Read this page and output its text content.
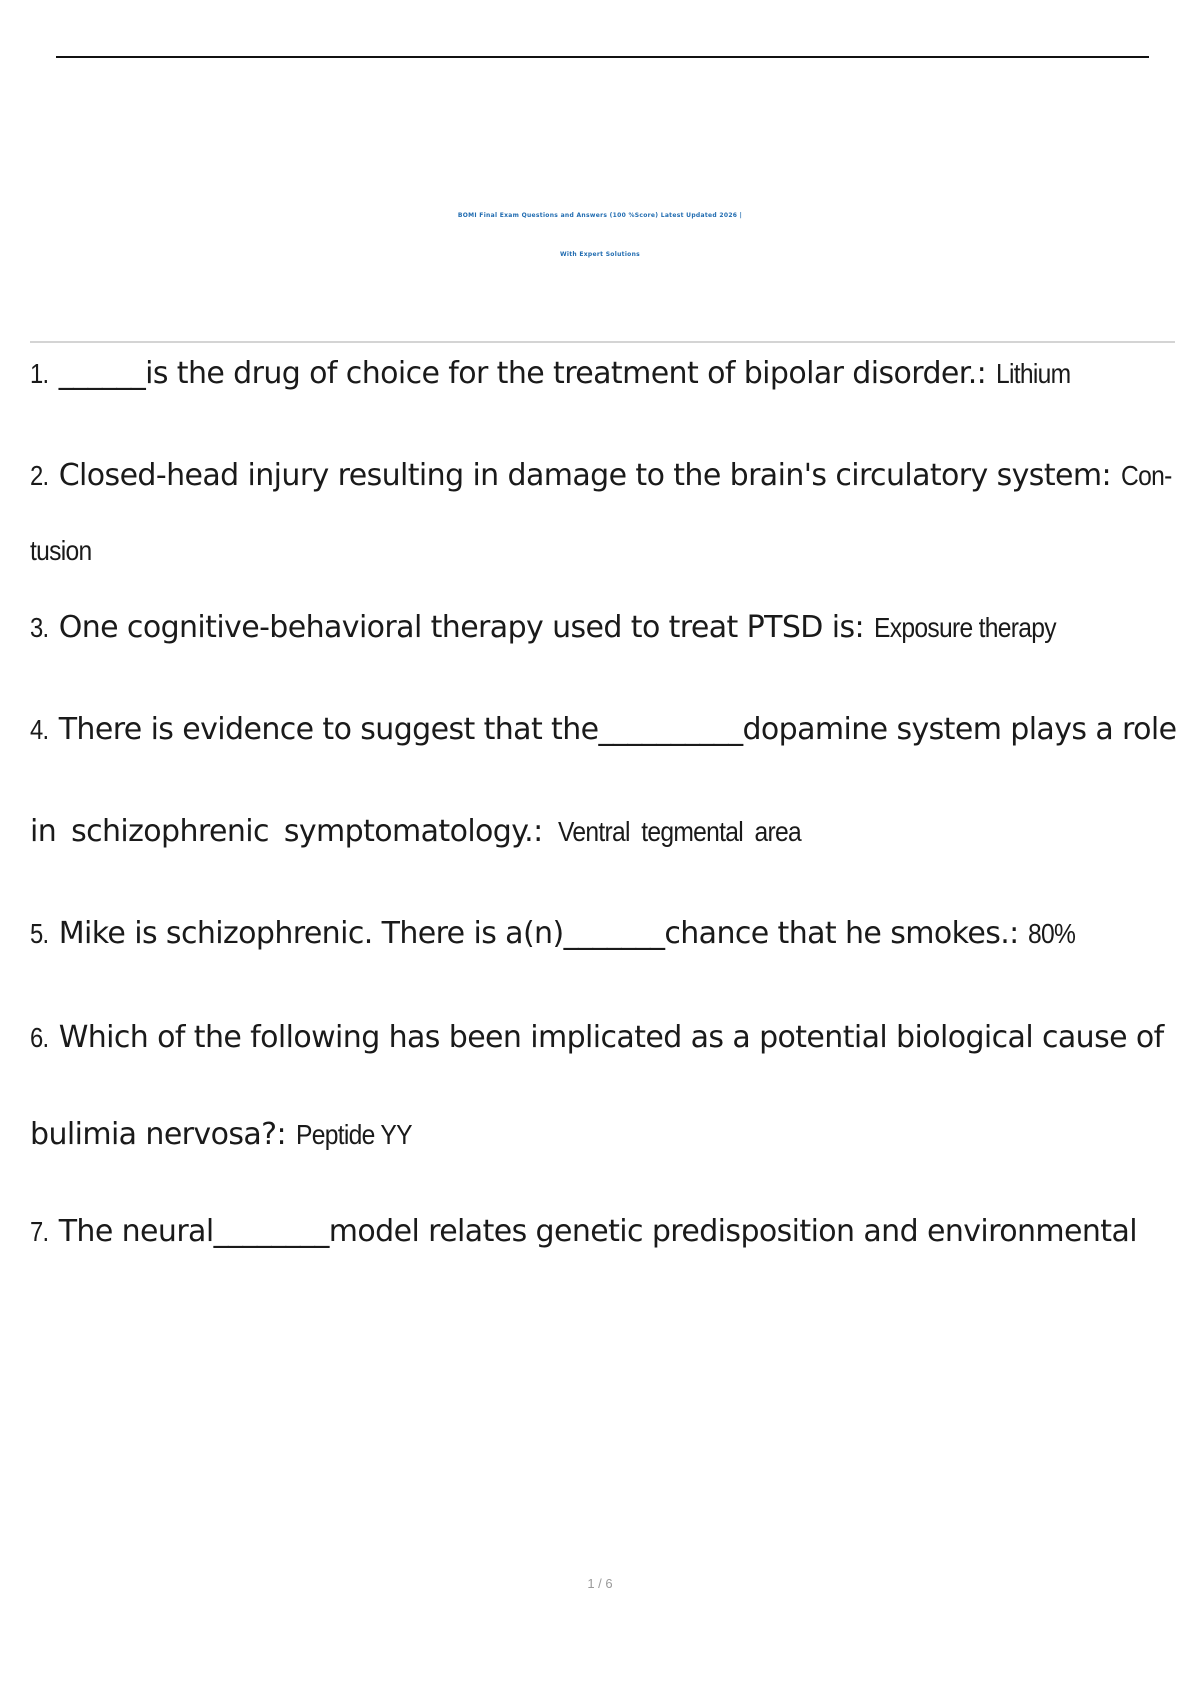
BOMI Final Exam Questions and Answers (100 %Score) Latest Updated 2026 |
With Expert Solutions
1. ______is the drug of choice for the treatment of bipolar disorder.: Lithium
2. Closed-head injury resulting in damage to the brain's circulatory system: Con-
tusion
3. One cognitive-behavioral therapy used to treat PTSD is: Exposure therapy
4. There is evidence to suggest that the__________dopamine system plays a role
in schizophrenic symptomatology.: Ventral tegmental area
5. Mike is schizophrenic. There is a(n)_______chance that he smokes.: 80%
6. Which of the following has been implicated as a potential biological cause of
bulimia nervosa?: Peptide YY
7. The neural________model relates genetic predisposition and environmental
1 / 6
